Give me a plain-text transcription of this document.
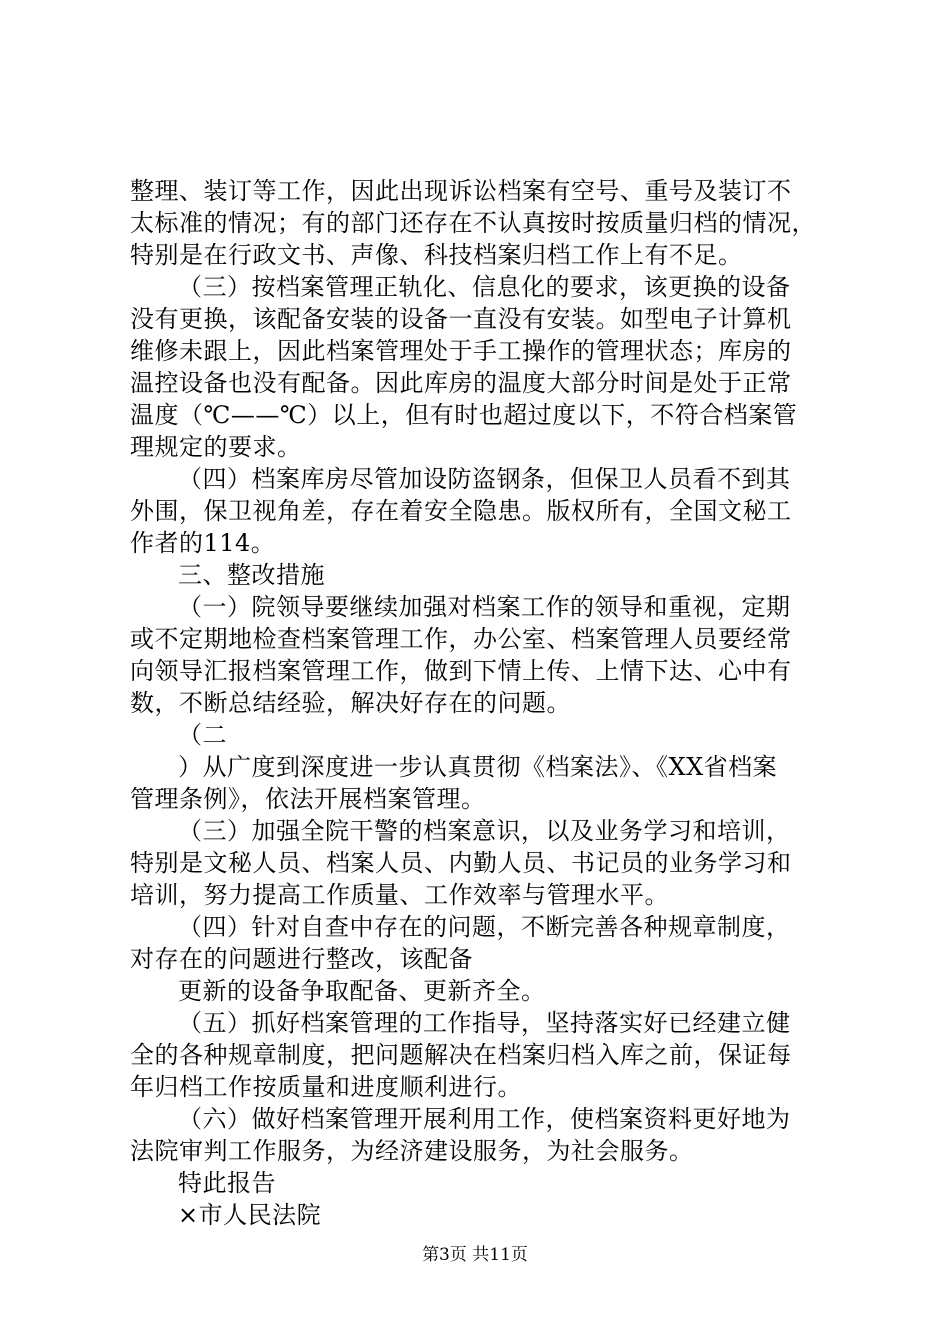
整理、装订等工作，因此出现诉讼档案有空号、重号及装订不
太标准的情况；有的部门还存在不认真按时按质量归档的情况，
特别是在行政文书、声像、科技档案归档工作上有不足。
（三）按档案管理正轨化、信息化的要求，该更换的设备
没有更换，该配备安装的设备一直没有安装。如型电子计算机
维修未跟上，因此档案管理处于手工操作的管理状态；库房的
温控设备也没有配备。因此库房的温度大部分时间是处于正常
温度（℃——℃）以上，但有时也超过度以下，不符合档案管
理规定的要求。
（四）档案库房尽管加设防盗钢条，但保卫人员看不到其
外围，保卫视角差，存在着安全隐患。版权所有，全国文秘工
作者的114。
三、整改措施
（一）院领导要继续加强对档案工作的领导和重视，定期
或不定期地检查档案管理工作，办公室、档案管理人员要经常
向领导汇报档案管理工作，做到下情上传、上情下达、心中有
数，不断总结经验，解决好存在的问题。
（二
）从广度到深度进一步认真贯彻《档案法》、《XX省档案
管理条例》，依法开展档案管理。
（三）加强全院干警的档案意识，以及业务学习和培训，
特别是文秘人员、档案人员、内勤人员、书记员的业务学习和
培训，努力提高工作质量、工作效率与管理水平。
（四）针对自查中存在的问题，不断完善各种规章制度，
对存在的问题进行整改，该配备
更新的设备争取配备、更新齐全。
（五）抓好档案管理的工作指导，坚持落实好已经建立健
全的各种规章制度，把问题解决在档案归档入库之前，保证每
年归档工作按质量和进度顺利进行。
（六）做好档案管理开展利用工作，使档案资料更好地为
法院审判工作服务，为经济建设服务，为社会服务。
特此报告
×市人民法院
第3页 共11页
